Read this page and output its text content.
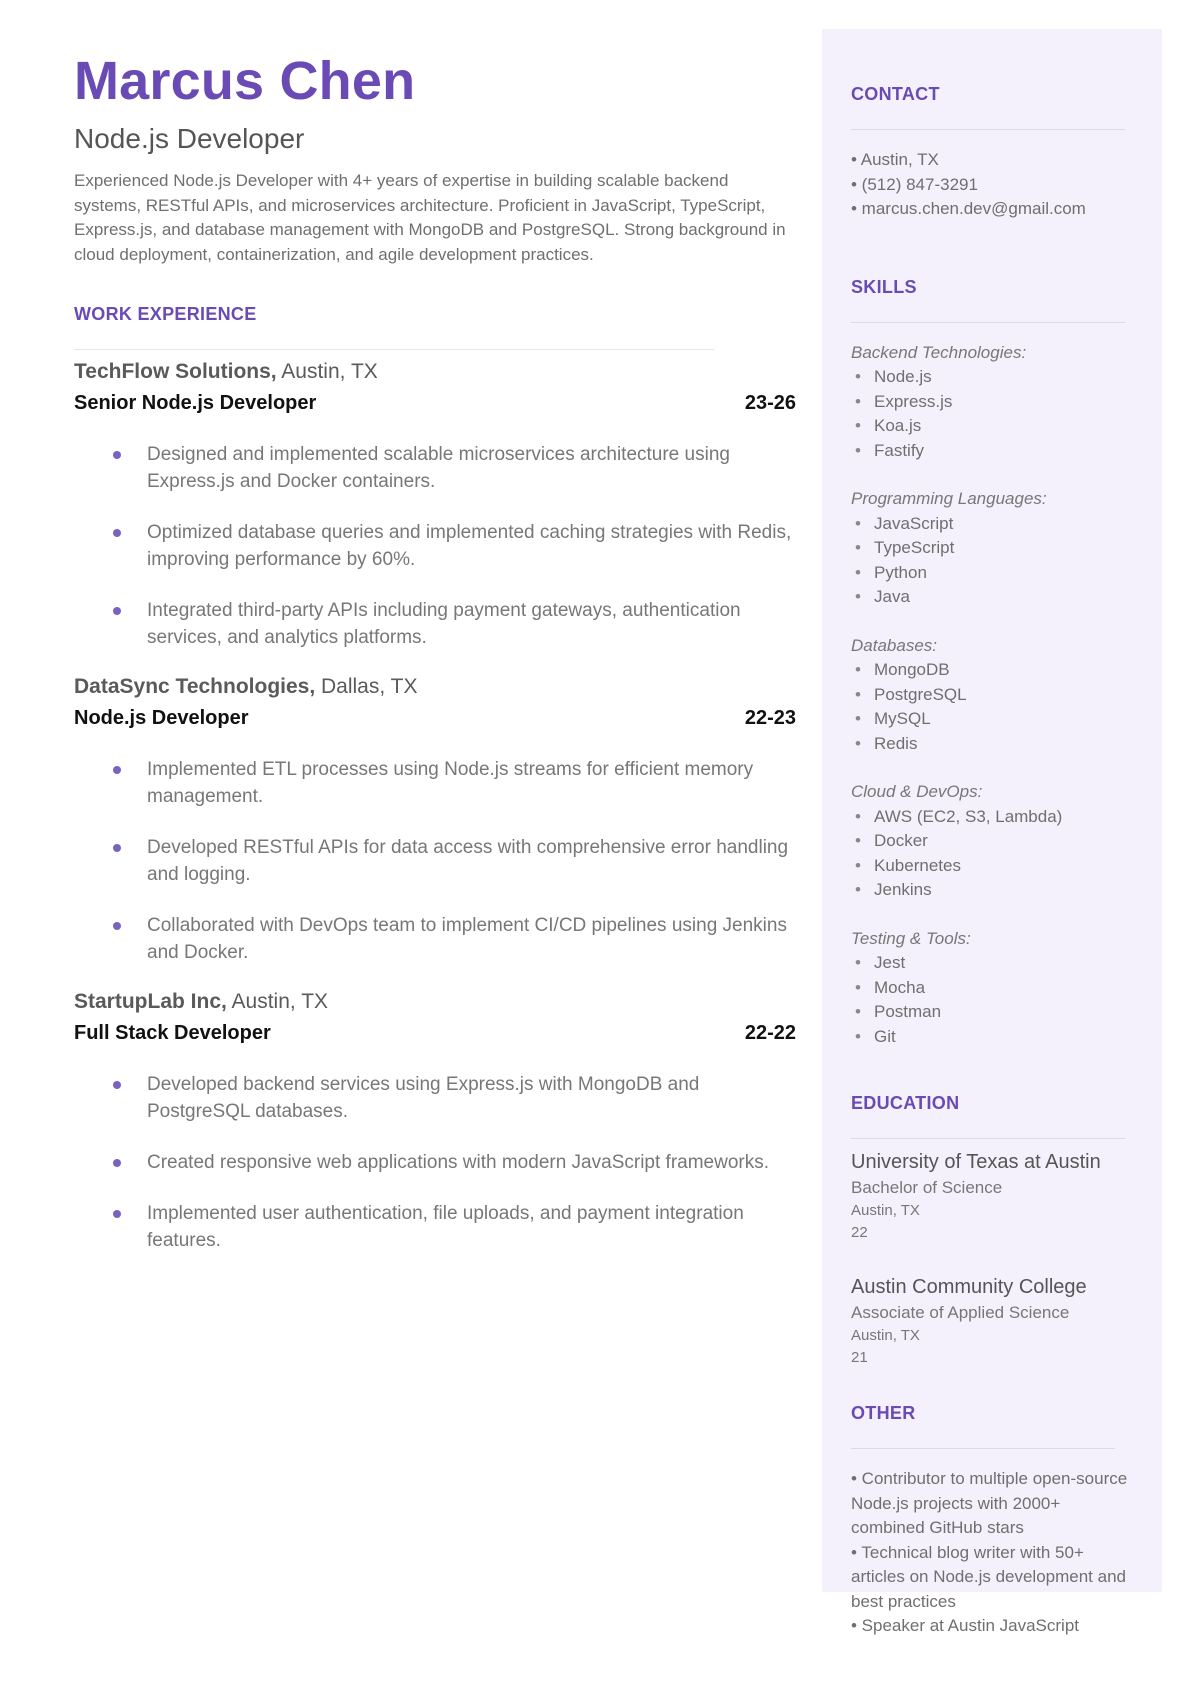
Marcus Chen
Node.js Developer
Experienced Node.js Developer with 4+ years of expertise in building scalable backend systems, RESTful APIs, and microservices architecture. Proficient in JavaScript, TypeScript, Express.js, and database management with MongoDB and PostgreSQL. Strong background in cloud deployment, containerization, and agile development practices.
WORK EXPERIENCE
TechFlow Solutions, Austin, TX
Senior Node.js Developer	23-26
Designed and implemented scalable microservices architecture using Express.js and Docker containers.
Optimized database queries and implemented caching strategies with Redis, improving performance by 60%.
Integrated third-party APIs including payment gateways, authentication services, and analytics platforms.
DataSync Technologies, Dallas, TX
Node.js Developer	22-23
Implemented ETL processes using Node.js streams for efficient memory management.
Developed RESTful APIs for data access with comprehensive error handling and logging.
Collaborated with DevOps team to implement CI/CD pipelines using Jenkins and Docker.
StartupLab Inc, Austin, TX
Full Stack Developer	22-22
Developed backend services using Express.js with MongoDB and PostgreSQL databases.
Created responsive web applications with modern JavaScript frameworks.
Implemented user authentication, file uploads, and payment integration features.
CONTACT
• Austin, TX
• (512) 847-3291
• marcus.chen.dev@gmail.com
SKILLS
Backend Technologies:
• Node.js
• Express.js
• Koa.js
• Fastify
Programming Languages:
• JavaScript
• TypeScript
• Python
• Java
Databases:
• MongoDB
• PostgreSQL
• MySQL
• Redis
Cloud & DevOps:
• AWS (EC2, S3, Lambda)
• Docker
• Kubernetes
• Jenkins
Testing & Tools:
• Jest
• Mocha
• Postman
• Git
EDUCATION
University of Texas at Austin
Bachelor of Science
Austin, TX
22
Austin Community College
Associate of Applied Science
Austin, TX
21
OTHER
• Contributor to multiple open-source Node.js projects with 2000+ combined GitHub stars
• Technical blog writer with 50+ articles on Node.js development and best practices
• Speaker at Austin JavaScript
